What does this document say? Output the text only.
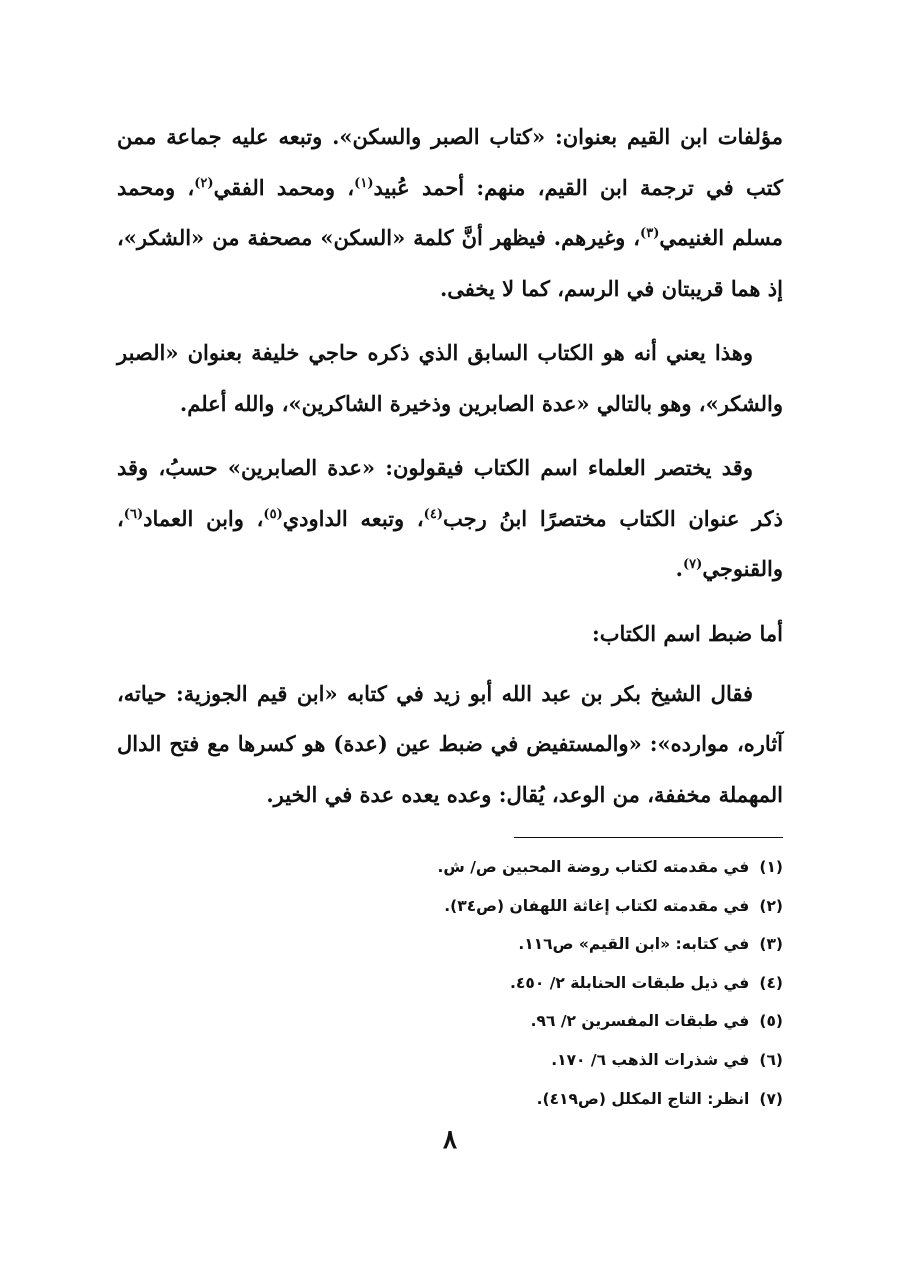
مؤلفات ابن القيم بعنوان: «كتاب الصبر والسكن». وتبعه عليه جماعة ممن كتب في ترجمة ابن القيم، منهم: أحمد عُبيد$^{(١)}$، ومحمد الفقي$^{(٢)}$، ومحمد مسلم الغنيمي$^{(٣)}$، وغيرهم. فيظهر أنَّ كلمة «السكن» مصحفة من «الشكر»، إذ هما قريبتان في الرسم، كما لا يخفى.

وهذا يعني أنه هو الكتاب السابق الذي ذكره حاجي خليفة بعنوان «الصبر والشكر»، وهو بالتالي «عدة الصابرين وذخيرة الشاكرين»، والله أعلم.

وقد يختصر العلماء اسم الكتاب فيقولون: «عدة الصابرين» حسبُ، وقد ذكر عنوان الكتاب مختصرًا ابنُ رجب$^{(٤)}$، وتبعه الداودي$^{(٥)}$، وابن العماد$^{(٦)}$، والقنوجي$^{(٧)}$.

أما ضبط اسم الكتاب:

فقال الشيخ بكر بن عبد الله أبو زيد في كتابه «ابن قيم الجوزية: حياته، آثاره، موارده»: «والمستفيض في ضبط عين (عدة) هو كسرها مع فتح الدال المهملة مخففة، من الوعد، يُقال: وعده يعده عدة في الخير.

(١)في مقدمته لكتاب روضة المحبين ص/ ش.
(٢)في مقدمته لكتاب إغاثة اللهفان (ص٣٤).
(٣)في كتابه: «ابن القيم» ص١١٦.
(٤)في ذيل طبقات الحنابلة ٢/ ٤٥٠.
(٥)في طبقات المفسرين ٢/ ٩٦.
(٦)في شذرات الذهب ٦/ ١٧٠.
(٧)انظر: التاج المكلل (ص٤١٩).
٨
